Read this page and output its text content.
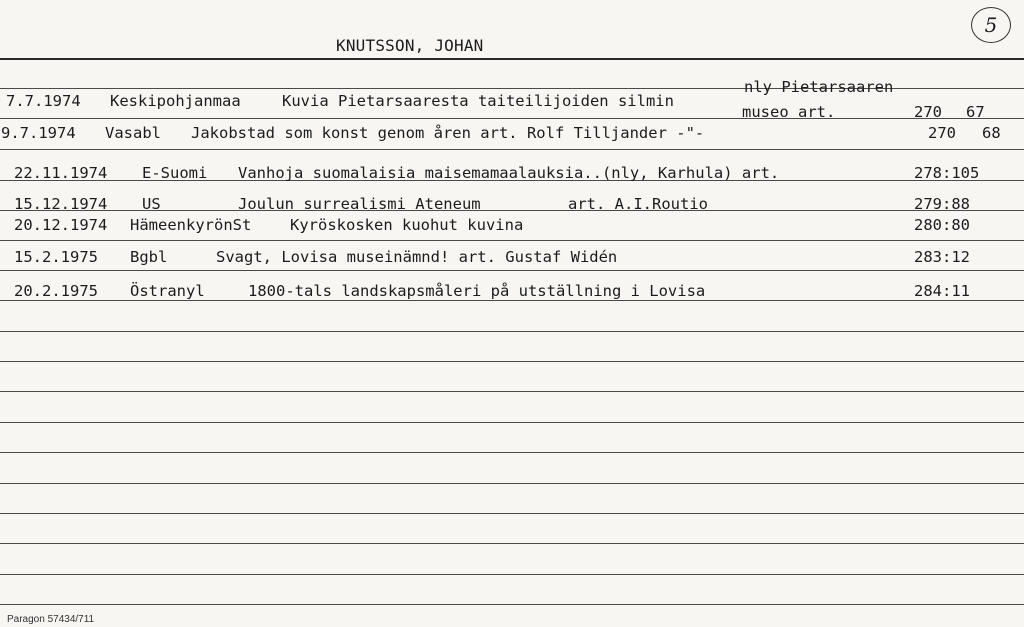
KNUTSSON, JOHAN
5
7.7.1974 Keskipohjanmaa	Kuvia Pietarsaaresta taiteilijoiden silmin
nly Pietarsaaren
museo art.	270 67
9.7.1974 Vasabl Jakobstad som konst genom åren art. Rolf Tilljander -"-	270 68
22.11.1974 E-Suomi Vanhoja suomalaisia maisemamaalauksia..(nly, Karhula) art.	278:105
15.12.1974 US	Joulun surrealismi Ateneum	art. A.I.Routio	279:88
20.12.1974 HämeenkyrönSt Kyröskosken kuohut kuvina	280:80
15.2.1975 Bgbl	Svagt, Lovisa museinämnd! art. Gustaf Widén	283:12
20.2.1975 Östranyl	1800-tals landskapsmåleri på utställning i Lovisa	284:11
Paragon 57434/711
